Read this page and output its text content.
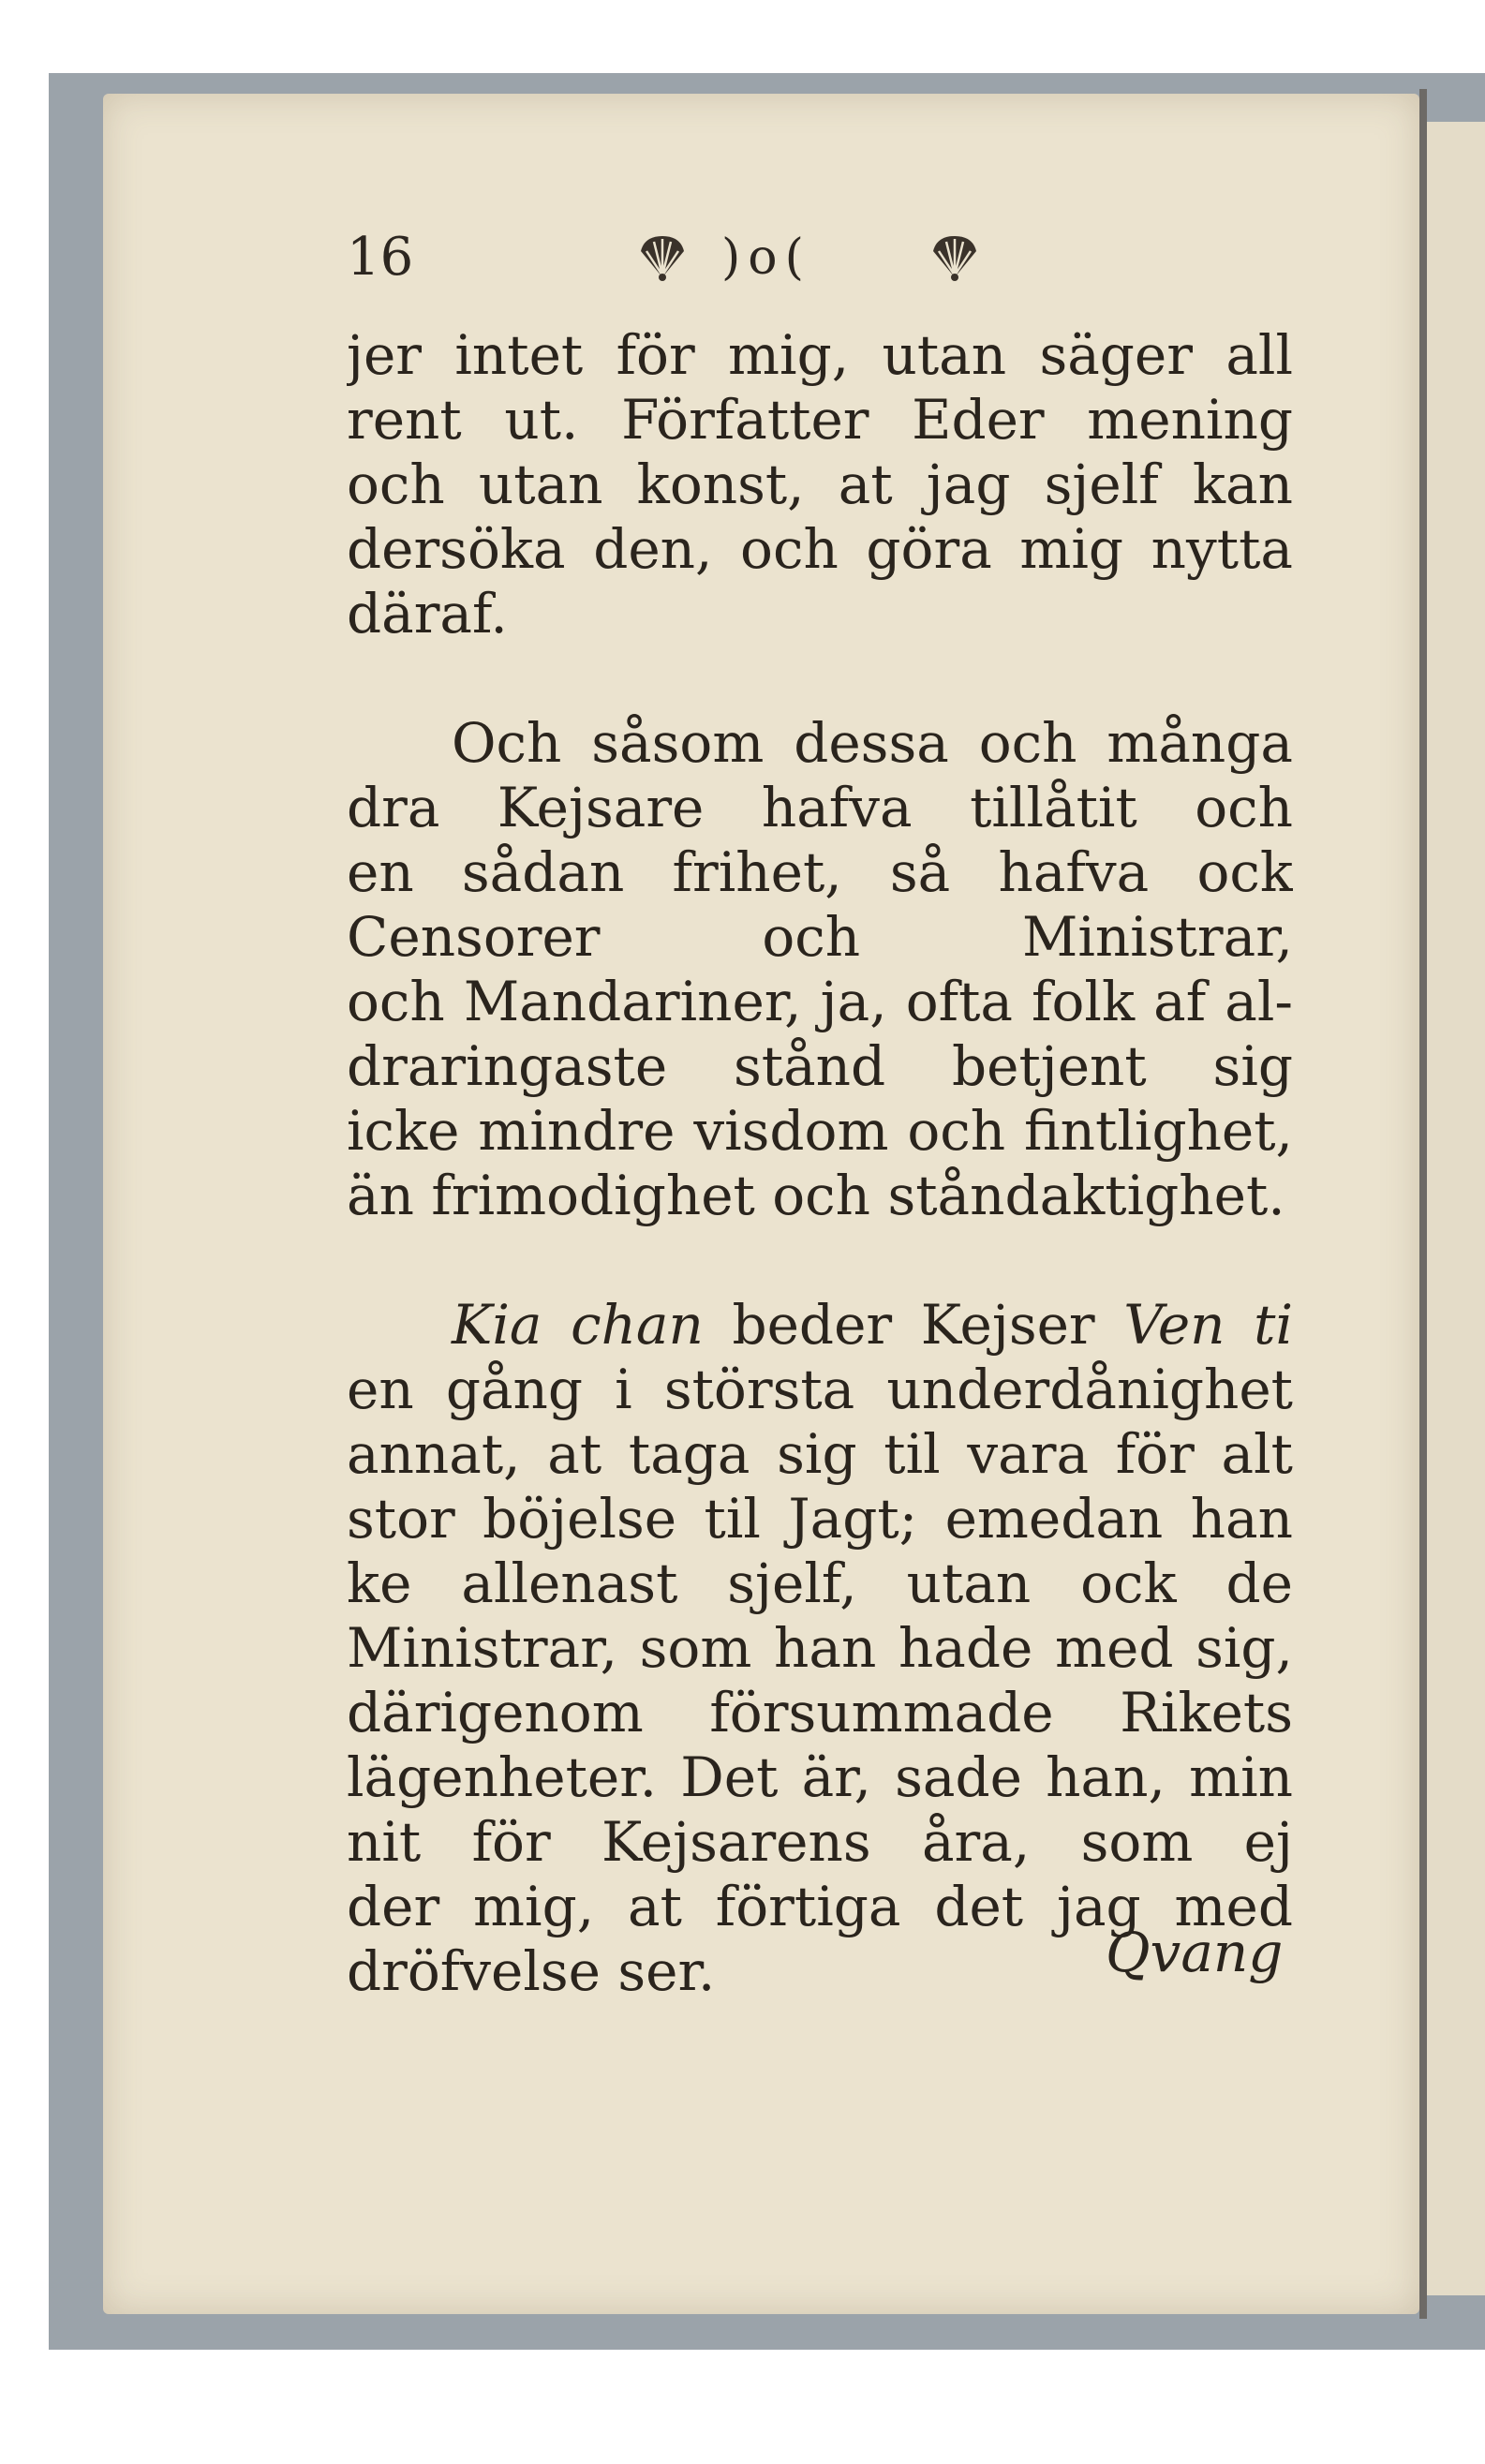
16	)o(
jer intet för mig, utan säger all
rent ut. Författer Eder mening
och utan konst, at jag sjelf kan
dersöka den, och göra mig nytta
däraf.
Och såsom dessa och många
dra Kejsare hafva tillåtit och
en sådan frihet, så hafva ock
Censorer och Ministrar,
och Mandariner, ja, ofta folk af al-
draringaste stånd betjent sig
icke mindre visdom och fintlighet,
än frimodighet och ståndaktighet.
Kia chan beder Kejser Ven ti
en gång i största underdånighet
annat, at taga sig til vara för alt
stor böjelse til Jagt; emedan han
ke allenast sjelf, utan ock de
Ministrar, som han hade med sig,
därigenom försummade Rikets
lägenheter. Det är, sade han, min
nit för Kejsarens åra, som ej
der mig, at förtiga det jag med
dröfvelse ser.	Qvang
